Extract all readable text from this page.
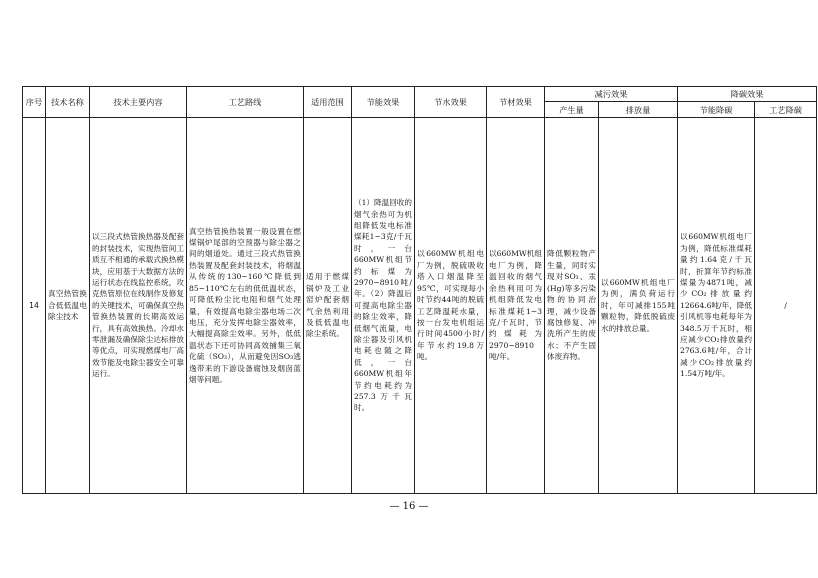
序号	技术名称	技术主要内容	工艺路线	适用范围	节能效果	节水效果	节材效果	减污效果		降碳效果	
								产生量	排放量	节能降碳	工艺降碳
14	真空热管换合低低温电除尘技术	以三段式热管换热器及配套的封装技术，实现热管间工质互不相通的承载式换热模块，应用基于大数据方法的运行状态在线监控系统，攻克热管原位在线制作及修复的关键技术，可确保真空热管换热装置的长期高效运行，具有高效换热、冷却水零泄漏及确保除尘达标排放等优点，可实现燃煤电厂高效节能及电除尘器安全可靠运行。	真空热管换热装置一般设置在燃煤锅炉尾部的空预器与除尘器之间的烟道处。通过三段式热管换热装置及配套封装技术，将烟温从传统的130~160℃降低到85~110℃左右的低低温状态，可降低粉尘比电阻和烟气处理量，有效提高电除尘器电场二次电压，充分发挥电除尘器效率，大幅提高除尘效率。另外，低低温状态下还可协同高效捕集三氧化硫（SO₃），从而避免因SO₃逃逸带来的下游设备腐蚀及烟囱蓝烟等问题。	适用于燃煤锅炉及工业窑炉配套烟气余热利用及低低温电除尘系统。	（1）降温回收的烟气余热可为机组降低发电标准煤耗1~3克/千瓦时，一台660MW机组节约标煤为2970~8910吨/年。（2）降温后可提高电除尘器的除尘效率，降低烟气流量，电除尘器及引风机电耗也随之降低，一台660MW机组年节约电耗约为257.3万千瓦时。	以660MW机组电厂为例，脱硫吸收塔入口烟温降至95℃，可实现每小时节约44吨的脱硫工艺降温耗水量，按一台发电机组运行时间4500小时/年节水约19.8万吨。	以660MW机组电厂为例，降温回收的烟气余热利用可为机组降低发电标准煤耗1~3克/千瓦时，节约煤耗为2970~8910吨/年。	降低颗粒物产生量，同时实现对SO₃、汞(Hg)等多污染物的协同治理，减少设备腐蚀修复、冲洗所产生的废水；不产生固体废弃物。	以660MW机组电厂为例，满负荷运行时，年可减排155吨颗粒物，降低脱硫废水的排放总量。	以660MW机组电厂为例，降低标准煤耗量约1.64克/千瓦时，折算年节约标准煤量为4871吨，减少CO₂排放量约12664.6吨/年，降低引风机等电耗每年为348.5万千瓦时，相应减少CO₂排放量约2763.6吨/年，合计减少CO₂排放量约1.54万吨/年。	/
— 16 —
